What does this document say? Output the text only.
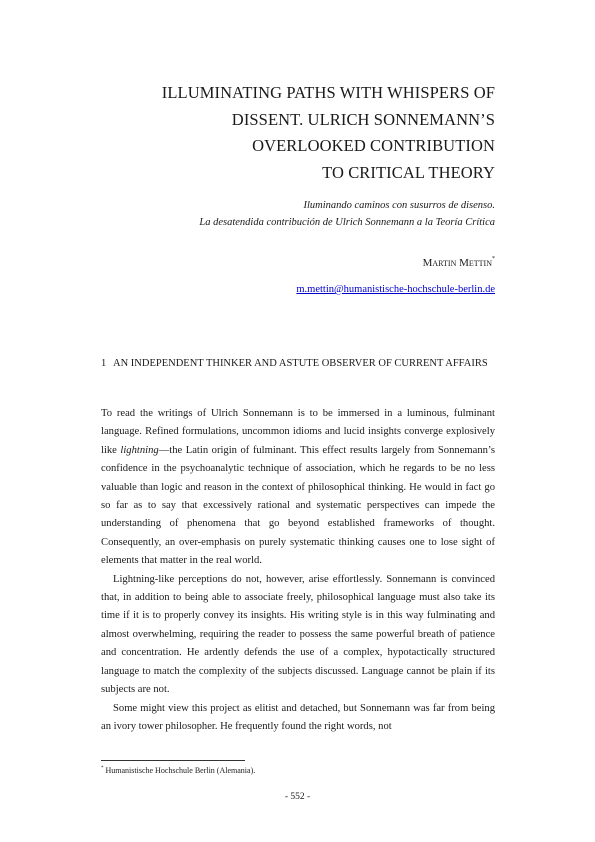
ILLUMINATING PATHS WITH WHISPERS OF
DISSENT. ULRICH SONNEMANN’S
OVERLOOKED CONTRIBUTION
TO CRITICAL THEORY
Iluminando caminos con susurros de disenso.
La desatendida contribución de Ulrich Sonnemann a la Teoría Crítica
Martin Mettin*
m.mettin@humanistische-hochschule-berlin.de
1 AN INDEPENDENT THINKER AND ASTUTE OBSERVER OF CURRENT AFFAIRS

To read the writings of Ulrich Sonnemann is to be immersed in a luminous, fulminant language. Refined formulations, uncommon idioms and lucid insights converge explosively like lightning—the Latin origin of fulminant. This effect results largely from Sonnemann’s confidence in the psychoanalytic technique of association, which he regards to be no less valuable than logic and reason in the context of philosophical thinking. He would in fact go so far as to say that excessively rational and systematic perspectives can impede the understanding of phenomena that go beyond established frameworks of thought. Consequently, an over-emphasis on purely systematic thinking causes one to lose sight of elements that matter in the real world.

Lightning-like perceptions do not, however, arise effortlessly. Sonnemann is convinced that, in addition to being able to associate freely, philosophical language must also take its time if it is to properly convey its insights. His writing style is in this way fulminating and almost overwhelming, requiring the reader to possess the same powerful breath of patience and concentration. He ardently defends the use of a complex, hypotactically structured language to match the complexity of the subjects discussed. Language cannot be plain if its subjects are not.

Some might view this project as elitist and detached, but Sonnemann was far from being an ivory tower philosopher. He frequently found the right words, not

* Humanistische Hochschule Berlin (Alemania).
- 552 -
